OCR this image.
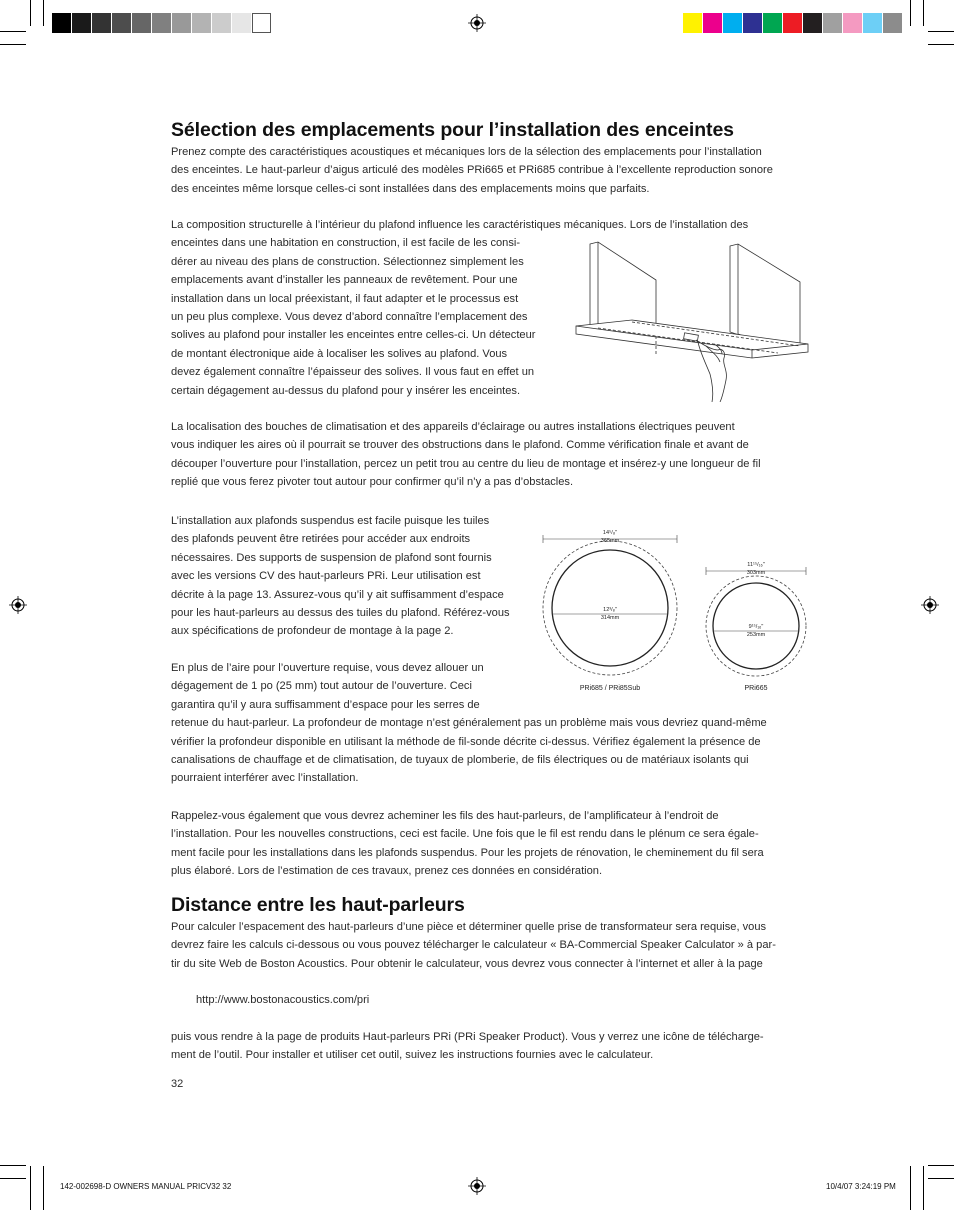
Sélection des emplacements pour l’installation des enceintes

Prenez compte des caractéristiques acoustiques et mécaniques lors de la sélection des emplacements pour l’installation
des enceintes. Le haut-parleur d’aigus articulé des modèles PRi665 et PRi685 contribue à l’excellente reproduction sonore
des enceintes même lorsque celles-ci sont installées dans des emplacements moins que parfaits.

La composition structurelle à l’intérieur du plafond influence les caractéristiques mécaniques. Lors de l’installation des
enceintes dans une habitation en construction, il est facile de les consi-
dérer au niveau des plans de construction. Sélectionnez simplement les
emplacements avant d’installer les panneaux de revêtement. Pour une
installation dans un local préexistant, il faut adapter et le processus est
un peu plus complexe. Vous devez d’abord connaître l’emplacement des
solives au plafond pour installer les enceintes entre celles-ci. Un détecteur
de montant électronique aide à localiser les solives au plafond. Vous
devez également connaître l’épaisseur des solives. Il vous faut en effet un
certain dégagement au-dessus du plafond pour y insérer les enceintes.

La localisation des bouches de climatisation et des appareils d’éclairage ou autres installations électriques peuvent
vous indiquer les aires où il pourrait se trouver des obstructions dans le plafond. Comme vérification finale et avant de
découper l’ouverture pour l’installation, percez un petit trou au centre du lieu de montage et insérez-y une longueur de fil
replié que vous ferez pivoter tout autour pour confirmer qu’il n’y a pas d’obstacles.

L’installation aux plafonds suspendus est facile puisque les tuiles
des plafonds peuvent être retirées pour accéder aux endroits
nécessaires. Des supports de suspension de plafond sont fournis
avec les versions CV des haut-parleurs PRi. Leur utilisation est
décrite à la page 13. Assurez-vous qu’il y ait suffisamment d’espace
pour les haut-parleurs au dessus des tuiles du plafond. Référez-vous
aux spécifications de profondeur de montage à la page 2.

14⁵/₈"
365mm
12³/₈"
314mm
PRi685 / PRi85Sub
11¹⁵/₁₆"
303mm
9¹⁵/₁₆"
253mm
PRi665

En plus de l’aire pour l’ouverture requise, vous devez allouer un
dégagement de 1 po (25 mm) tout autour de l’ouverture. Ceci
garantira qu’il y aura suffisamment d’espace pour les serres de
retenue du haut-parleur. La profondeur de montage n’est généralement pas un problème mais vous devriez quand-même
vérifier la profondeur disponible en utilisant la méthode de fil-sonde décrite ci-dessus. Vérifiez également la présence de
canalisations de chauffage et de climatisation, de tuyaux de plomberie, de fils électriques ou de matériaux isolants qui
pourraient interférer avec l’installation.

Rappelez-vous également que vous devrez acheminer les fils des haut-parleurs, de l’amplificateur à l’endroit de
l’installation. Pour les nouvelles constructions, ceci est facile. Une fois que le fil est rendu dans le plénum ce sera égale-
ment facile pour les installations dans les plafonds suspendus. Pour les projets de rénovation, le cheminement du fil sera
plus élaboré. Lors de l’estimation de ces travaux, prenez ces données en considération.

Distance entre les haut-parleurs

Pour calculer l’espacement des haut-parleurs d’une pièce et déterminer quelle prise de transformateur sera requise, vous
devrez faire les calculs ci-dessous ou vous pouvez télécharger le calculateur « BA-Commercial Speaker Calculator » à par-
tir du site Web de Boston Acoustics. Pour obtenir le calculateur, vous devrez vous connecter à l’internet et aller à la page

http://www.bostonacoustics.com/pri

puis vous rendre à la page de produits Haut-parleurs PRi (PRi Speaker Product). Vous y verrez une icône de télécharge-
ment de l’outil. Pour installer et utiliser cet outil, suivez les instructions fournies avec le calculateur.

32
142-002698-D OWNERS MANUAL PRICV32 32	10/4/07 3:24:19 PM
